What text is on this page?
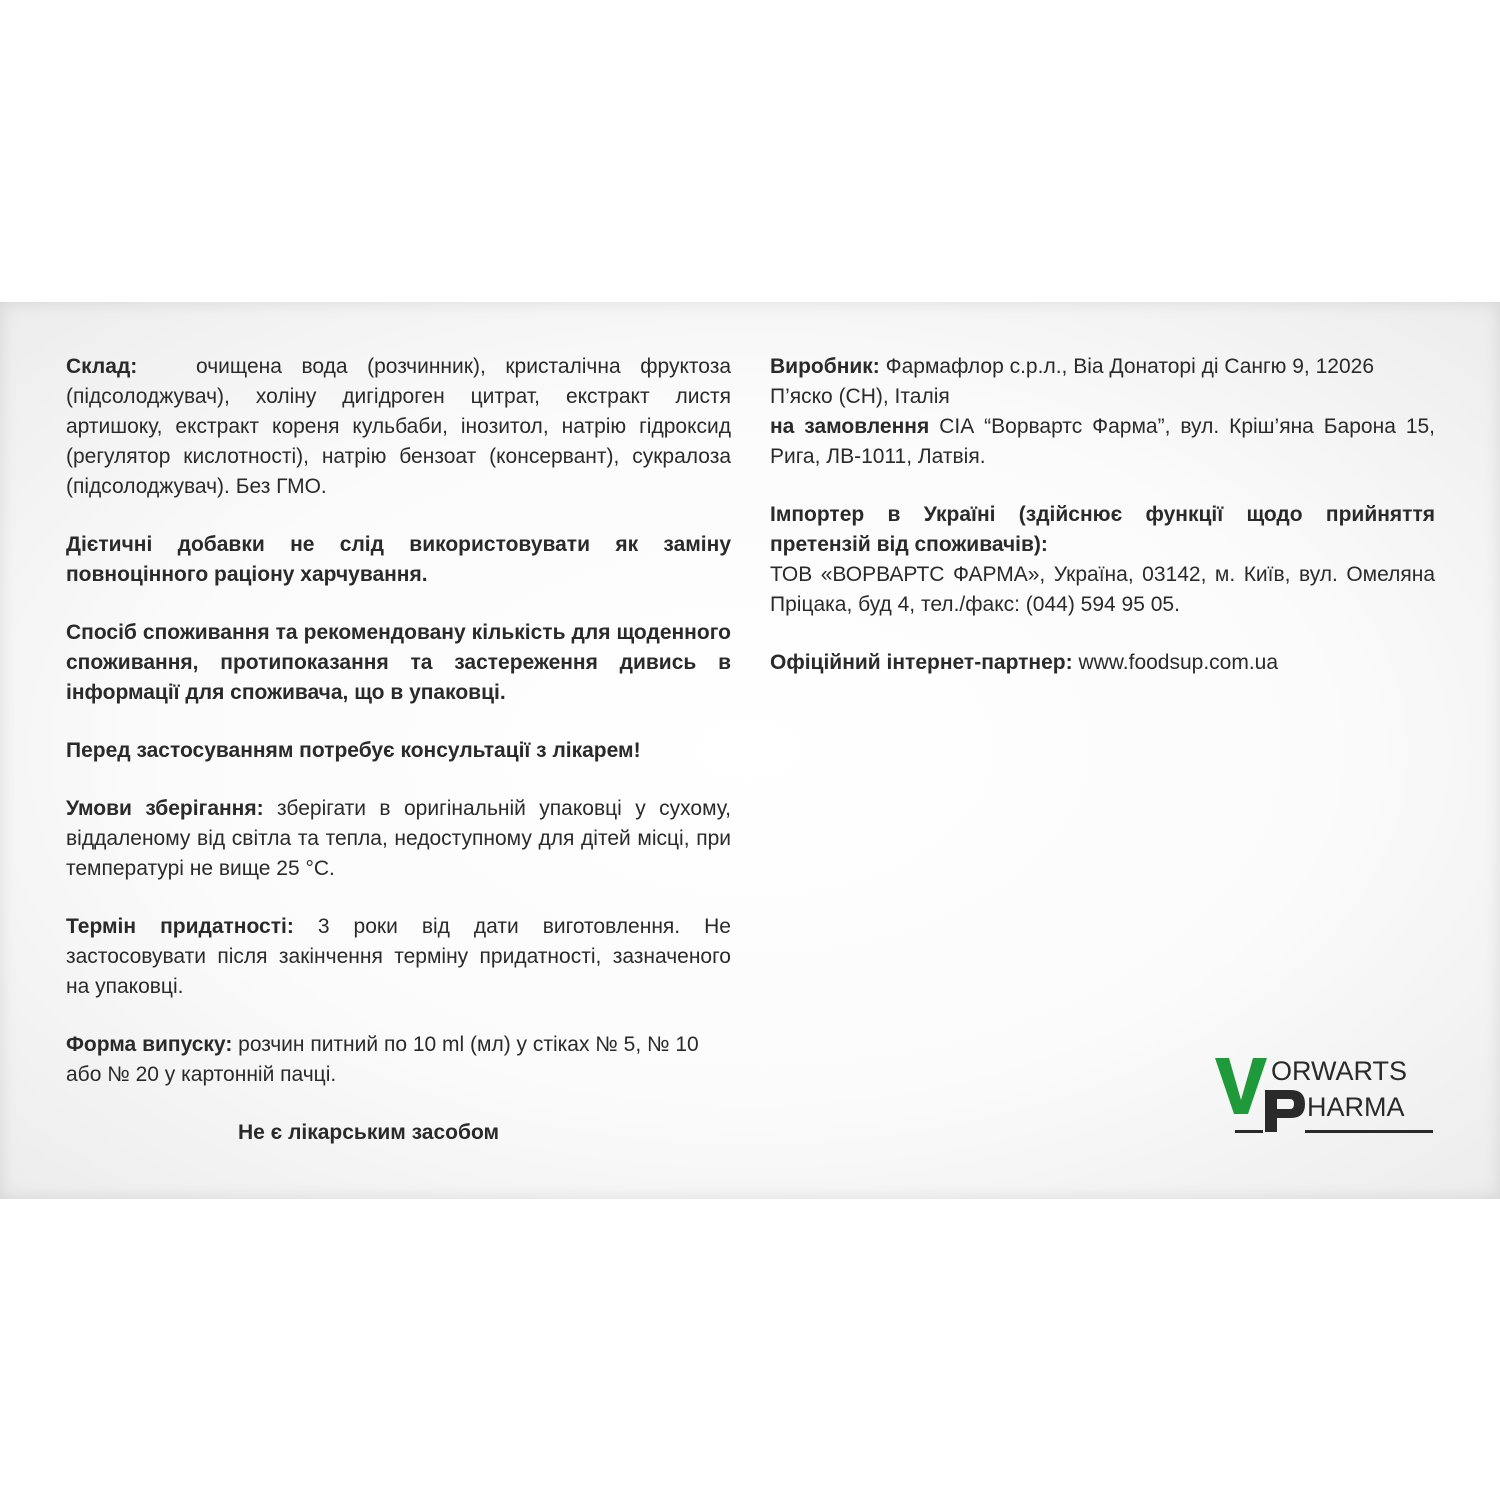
Склад:	очищена вода (розчинник), кристалічна фруктоза (підсолоджувач), холіну дигідроген цитрат, екстракт листя артишоку, екстракт кореня кульбаби, інозитол, натрію гідроксид (регулятор кислотності), натрію бензоат (консервант), сукралоза (підсолоджувач). Без ГМО.

Дієтичні добавки не слід використовувати як заміну повноцінного раціону харчування.

Спосіб споживання та рекомендовану кількість для щоденного споживання, протипоказання та застереження дивись в інформації для споживача, що в упаковці.

Перед застосуванням потребує консультації з лікарем!

Умови зберігання: зберігати в оригінальній упаковці у сухому, віддаленому від світла та тепла, недоступному для дітей місці, при температурі не вище 25 °С.

Термін придатності: 3 роки від дати виготовлення. Не застосовувати після закінчення терміну придатності, зазначеного на упаковці.

Форма випуску: розчин питний по 10 ml (мл) у стіках № 5, № 10 або № 20 у картонній пачці.

Не є лікарським засобом

Виробник: Фармафлор с.р.л., Віа Донаторі ді Сангю 9, 12026 П’яско (СН), Італія

на замовлення СІА “Ворвартс Фарма”, вул. Кріш’яна Барона 15, Рига, ЛВ-1011, Латвія.

Імпортер в Україні (здійснює функції щодо прийняття претензій від споживачів):
ТОВ «ВОРВАРТС ФАРМА», Україна, 03142, м. Київ, вул. Омеляна Пріцака, буд 4, тел./факс: (044) 594 95 05.

Офіційний інтернет-партнер: www.foodsup.com.ua

ORWARTS
HARMA
